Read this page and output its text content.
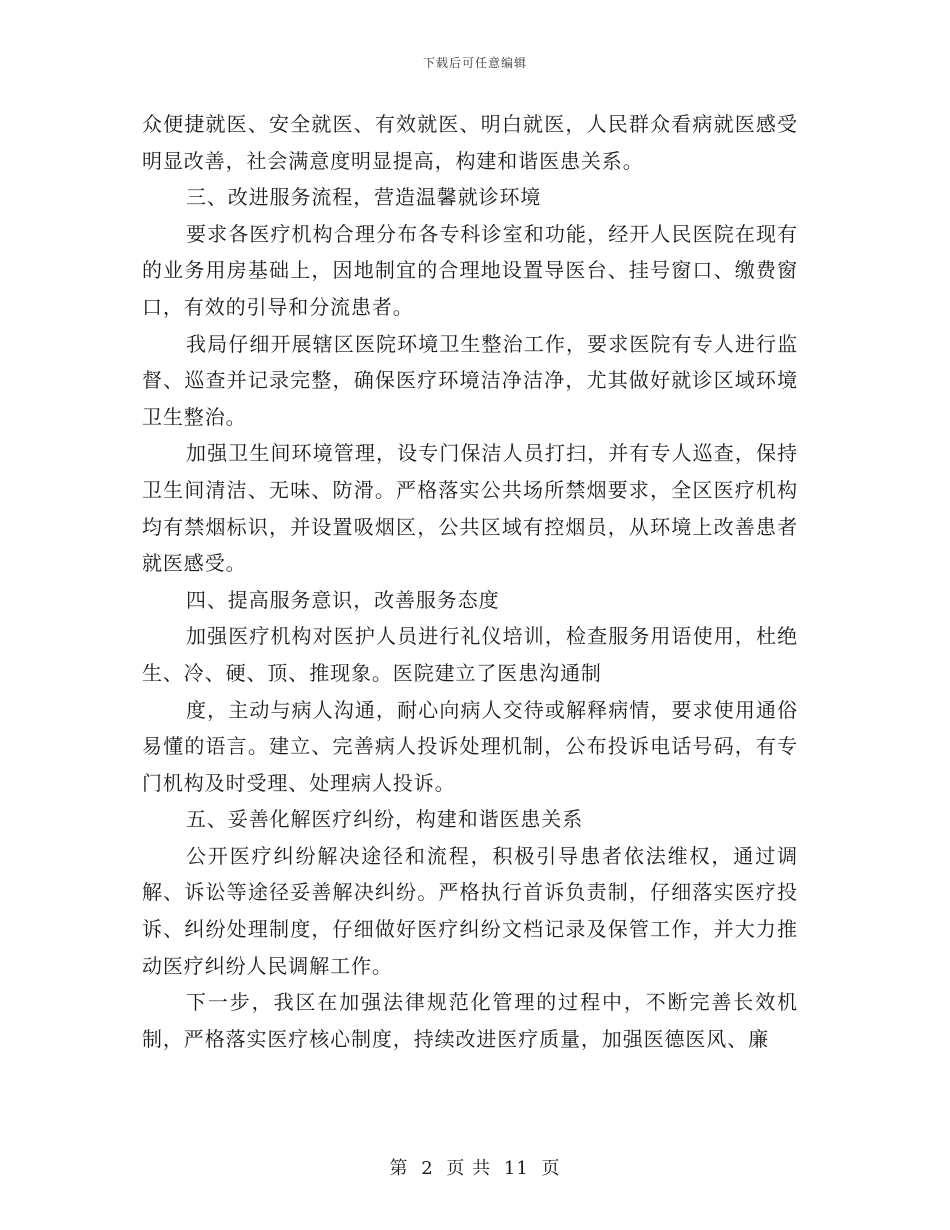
下载后可任意编辑

众便捷就医、安全就医、有效就医、明白就医，人民群众看病就医感受明显改善，社会满意度明显提高，构建和谐医患关系。

三、改进服务流程，营造温馨就诊环境

要求各医疗机构合理分布各专科诊室和功能，经开人民医院在现有的业务用房基础上，因地制宜的合理地设置导医台、挂号窗口、缴费窗口，有效的引导和分流患者。

我局仔细开展辖区医院环境卫生整治工作，要求医院有专人进行监督、巡查并记录完整，确保医疗环境洁净洁净，尤其做好就诊区域环境卫生整治。

加强卫生间环境管理，设专门保洁人员打扫，并有专人巡查，保持卫生间清洁、无味、防滑。严格落实公共场所禁烟要求，全区医疗机构均有禁烟标识，并设置吸烟区，公共区域有控烟员，从环境上改善患者就医感受。

四、提高服务意识，改善服务态度

加强医疗机构对医护人员进行礼仪培训，检查服务用语使用，杜绝生、冷、硬、顶、推现象。医院建立了医患沟通制

度，主动与病人沟通，耐心向病人交待或解释病情，要求使用通俗易懂的语言。建立、完善病人投诉处理机制，公布投诉电话号码，有专门机构及时受理、处理病人投诉。

五、妥善化解医疗纠纷，构建和谐医患关系

公开医疗纠纷解决途径和流程，积极引导患者依法维权，通过调解、诉讼等途径妥善解决纠纷。严格执行首诉负责制，仔细落实医疗投诉、纠纷处理制度，仔细做好医疗纠纷文档记录及保管工作，并大力推动医疗纠纷人民调解工作。

下一步，我区在加强法律规范化管理的过程中，不断完善长效机制，严格落实医疗核心制度，持续改进医疗质量，加强医德医风、廉

第 2 页 共 11 页
